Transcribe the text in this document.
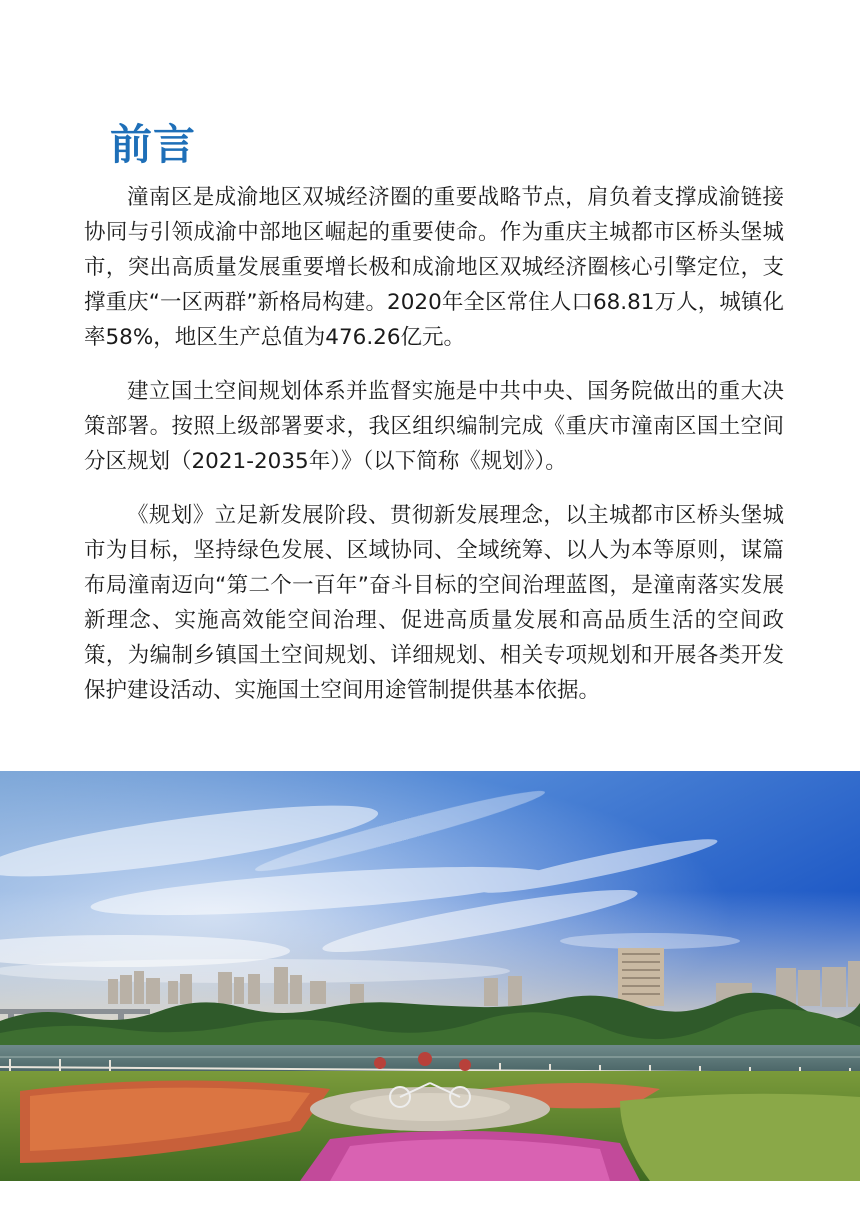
前言

潼南区是成渝地区双城经济圈的重要战略节点，肩负着支撑成渝链接协同与引领成渝中部地区崛起的重要使命。作为重庆主城都市区桥头堡城市，突出高质量发展重要增长极和成渝地区双城经济圈核心引擎定位，支撑重庆“一区两群”新格局构建。2020年全区常住人口68.81万人，城镇化率58%，地区生产总值为476.26亿元。

建立国土空间规划体系并监督实施是中共中央、国务院做出的重大决策部署。按照上级部署要求，我区组织编制完成《重庆市潼南区国土空间分区规划（2021-2035年）》（以下简称《规划》）。

《规划》立足新发展阶段、贯彻新发展理念，以主城都市区桥头堡城市为目标，坚持绿色发展、区域协同、全域统筹、以人为本等原则，谋篇布局潼南迈向“第二个一百年”奋斗目标的空间治理蓝图，是潼南落实发展新理念、实施高效能空间治理、促进高质量发展和高品质生活的空间政策，为编制乡镇国土空间规划、详细规划、相关专项规划和开展各类开发保护建设活动、实施国土空间用途管制提供基本依据。
